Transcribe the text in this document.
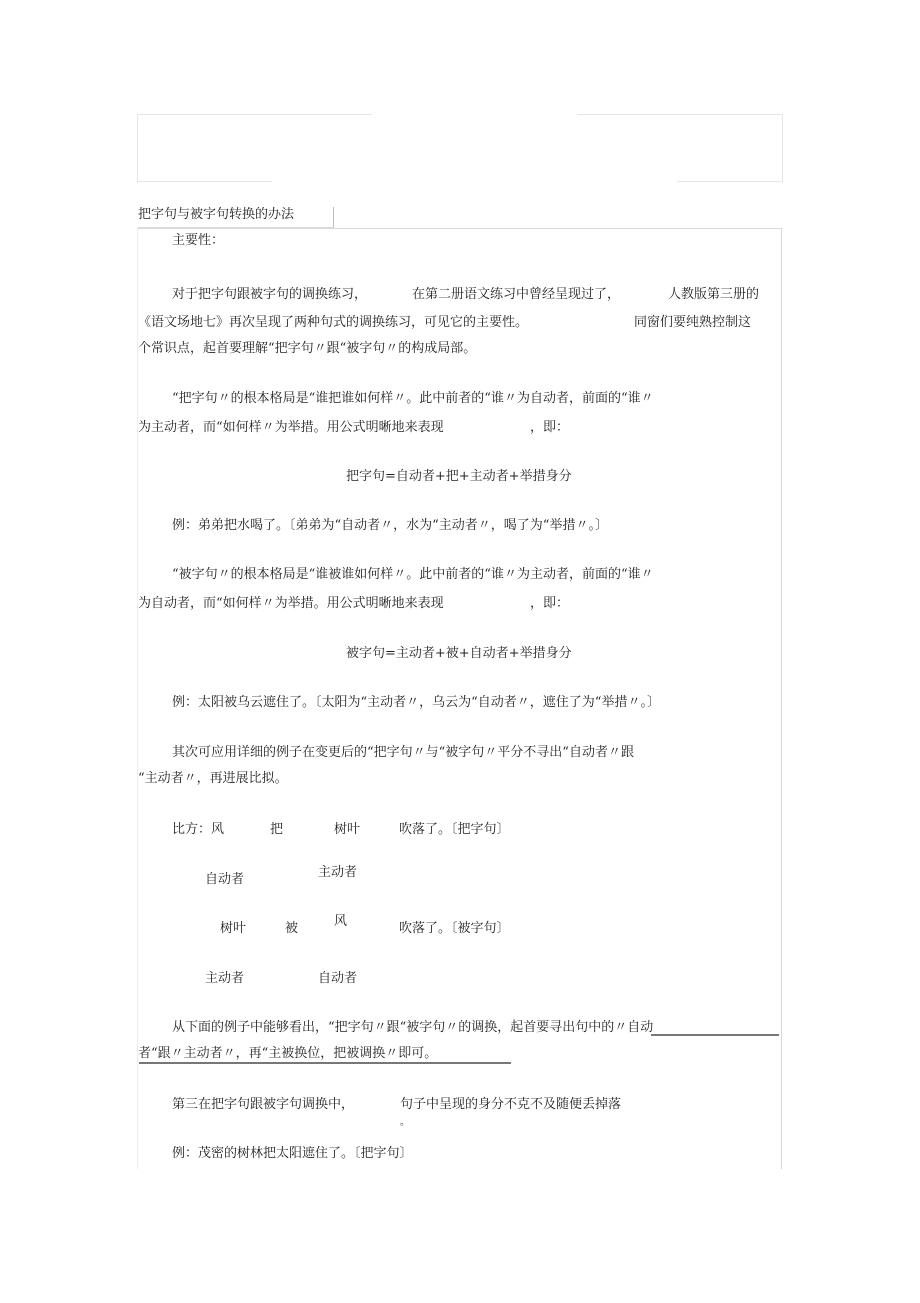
把字句与被字句转换的办法
主要性：
对于把字句跟被字句的调换练习，	在第二册语文练习中曾经呈现过了，	人教版第三册的
《语文场地七》再次呈现了两种句式的调换练习，可见它的主要性。	同窗们要纯熟控制这
个常识点，起首要理解“把字句〃跟“被字句〃的构成局部。
“把字句〃的根本格局是“谁把谁如何样〃。此中前者的“谁〃为自动者，前面的“谁〃
为主动者，而“如何样〃为举措。用公式明晰地来表现	，即：
把字句=自动者+把+主动者+举措身分
例：弟弟把水喝了。〔弟弟为“自动者〃，水为“主动者〃，喝了为“举措〃。〕
“被字句〃的根本格局是“谁被谁如何样〃。此中前者的“谁〃为主动者，前面的“谁〃
为自动者，而“如何样〃为举措。用公式明晰地来表现	，即：
被字句=主动者+被+自动者+举措身分
例：太阳被乌云遮住了。〔太阳为“主动者〃，乌云为“自动者〃，遮住了为“举措〃。〕
其次可应用详细的例子在变更后的“把字句〃与“被字句〃平分不寻出“自动者〃跟
“主动者〃，再进展比拟。
比方：风	把	树叶	吹落了。〔把字句〕
自动者	主动者
树叶	被	风	吹落了。〔被字句〕
主动者	自动者
从下面的例子中能够看出，“把字句〃跟“被字句〃的调换，起首要寻出句中的〃自动
者“跟〃主动者〃，再“主被换位，把被调换〃即可。
第三在把字句跟被字句调换中，	句子中呈现的身分不克不及随便丢掉落
。
例：茂密的树林把太阳遮住了。〔把字句〕
